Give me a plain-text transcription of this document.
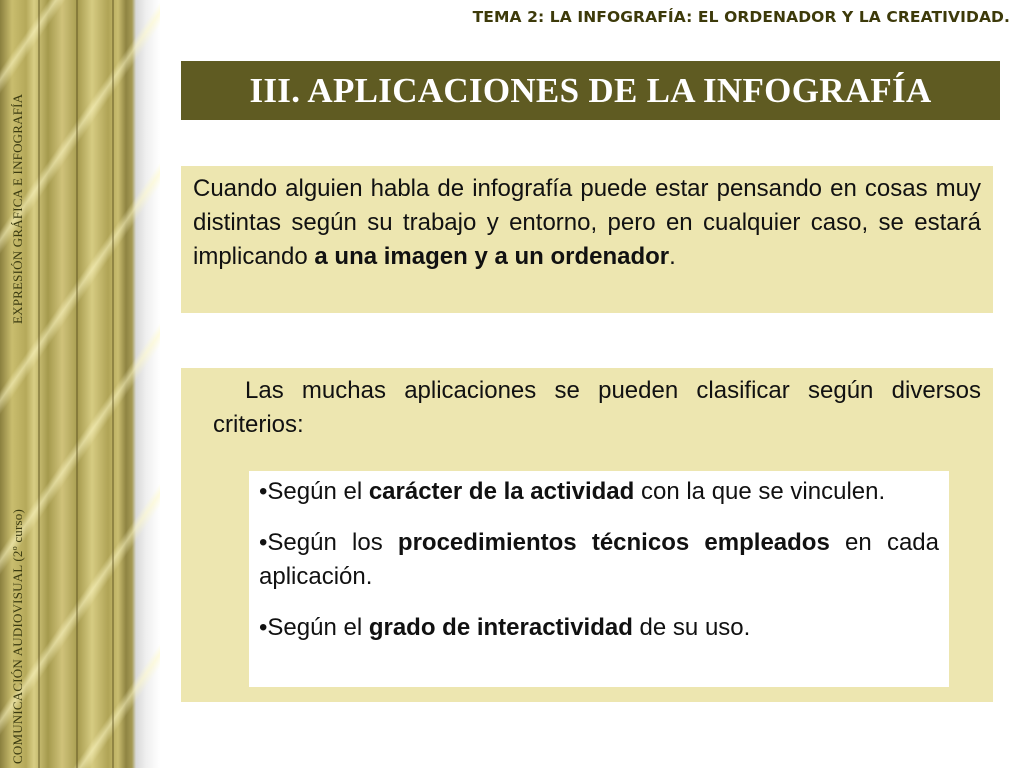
EXPRESIÓN GRÁFICA E INFOGRAFÍA
COMUNICACIÓN AUDIOVISUAL (2º curso)
TEMA 2: LA INFOGRAFÍA: EL ORDENADOR Y LA CREATIVIDAD.
III. APLICACIONES DE LA INFOGRAFÍA

Cuando alguien habla de infografía puede estar pensando en cosas muy distintas según su trabajo y entorno, pero en cualquier caso, se estará implicando a una imagen y a un ordenador.

Las muchas aplicaciones se pueden clasificar según diversos criterios:

•Según el carácter de la actividad con la que se vinculen.

•Según los procedimientos técnicos empleados en cada aplicación.

•Según el grado de interactividad de su uso.
